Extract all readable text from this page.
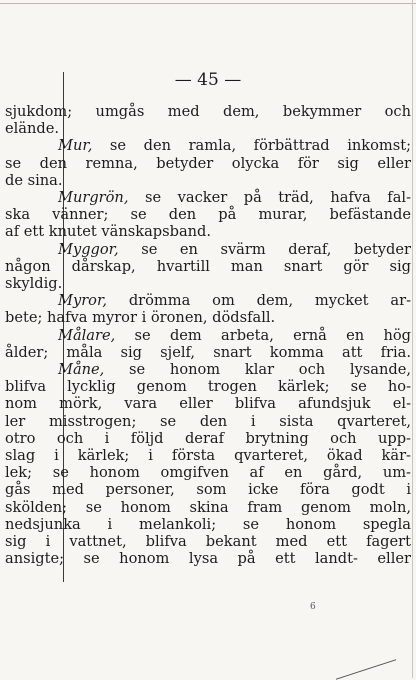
— 45 —
sjukdom; umgås med dem, bekymmer och
elände.
Mur, se den ramla, förbättrad inkomst;
se den remna, betyder olycka för sig eller
de sina.
Murgrön, se vacker på träd, hafva fal-
ska vänner; se den på murar, befästande
af ett knutet vänskapsband.
Myggor, se en svärm deraf, betyder
någon dårskap, hvartill man snart gör sig
skyldig.
Myror, drömma om dem, mycket ar-
bete; hafva myror i öronen, dödsfall.
Målare, se dem arbeta, ernå en hög
ålder; måla sig sjelf, snart komma att fria.
Måne, se honom klar och lysande,
blifva lycklig genom trogen kärlek; se ho-
nom mörk, vara eller blifva afundsjuk el-
ler misstrogen; se den i sista qvarteret,
otro och i följd deraf brytning och upp-
slag i kärlek; i första qvarteret, ökad kär-
lek; se honom omgifven af en gård, um-
gås med personer, som icke föra godt i
skölden; se honom skina fram genom moln,
nedsjunka i melankoli; se honom spegla
sig i vattnet, blifva bekant med ett fagert
ansigte; se honom lysa på ett landt- eller
6
